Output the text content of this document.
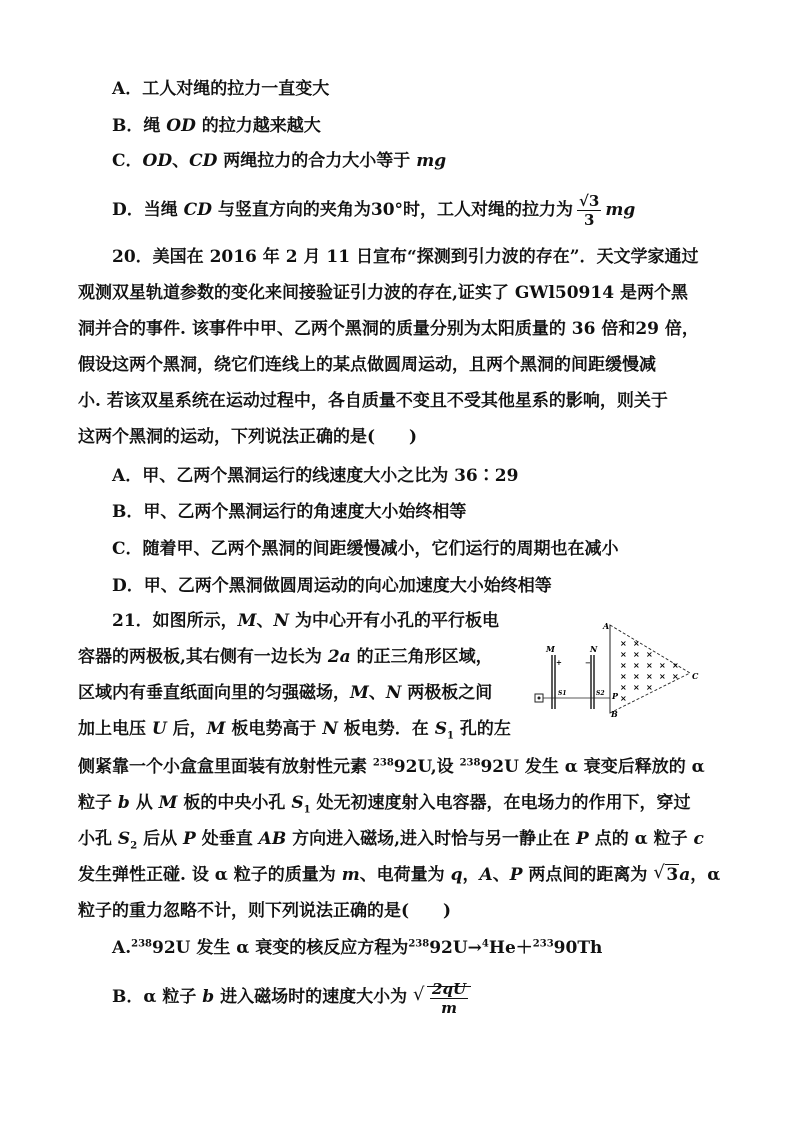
A．工人对绳的拉力一直变大
B．绳 OD 的拉力越来越大
C．OD、CD 两绳拉力的合力大小等于 mg
D．当绳 CD 与竖直方向的夹角为30°时，工人对绳的拉力为 $\frac{√3}{3}$ mg
20．美国在 2016 年 2 月 11 日宣布“探测到引力波的存在”．天文学家通过
观测双星轨道参数的变化来间接验证引力波的存在,证实了 GWl50914 是两个黑
洞并合的事件. 该事件中甲、乙两个黑洞的质量分别为太阳质量的 36 倍和29 倍，
假设这两个黑洞，绕它们连线上的某点做圆周运动，且两个黑洞的间距缓慢减
小. 若该双星系统在运动过程中，各自质量不变且不受其他星系的影响，则关于
这两个黑洞的运动，下列说法正确的是(　　)
A．甲、乙两个黑洞运行的线速度大小之比为 36∶29
B．甲、乙两个黑洞运行的角速度大小始终相等
C．随着甲、乙两个黑洞的间距缓慢减小，它们运行的周期也在减小
D．甲、乙两个黑洞做圆周运动的向心加速度大小始终相等
21．如图所示，M、N 为中心开有小孔的平行板电
容器的两极板,其右侧有一边长为 2a 的正三角形区域，
区域内有垂直纸面向里的匀强磁场，M、N 两极板之间
加上电压 U 后，M 板电势高于 N 板电势．在 $S_1$ 孔的左
侧紧靠一个小盒盒里面装有放射性元素 $^{238}$92U,设 $^{238}$92U 发生 α 衰变后释放的 α
粒子 b 从 M 板的中央小孔 $S_1$ 处无初速度射入电容器，在电场力的作用下，穿过
小孔 $S_2$ 后从 P 处垂直 AB 方向进入磁场,进入时恰与另一静止在 P 点的 α 粒子 c
发生弹性正碰. 设 α 粒子的质量为 m、电荷量为 q，A、P 两点间的距离为 √ 3a，α
粒子的重力忽略不计，则下列说法正确的是(　　)
A.$^{238}$92U 发生 α 衰变的核反应方程为$^{238}$92U→$^4$He＋$^{233}$90Th
B．α 粒子 b 进入磁场时的速度大小为
√ $\frac{2qU}{m}$
A
B
C
P
M	N
+	−
S1	S2
×
×
×
×
×
×
×
×
×
×
×
×
×
×
×
×
×
×
×
